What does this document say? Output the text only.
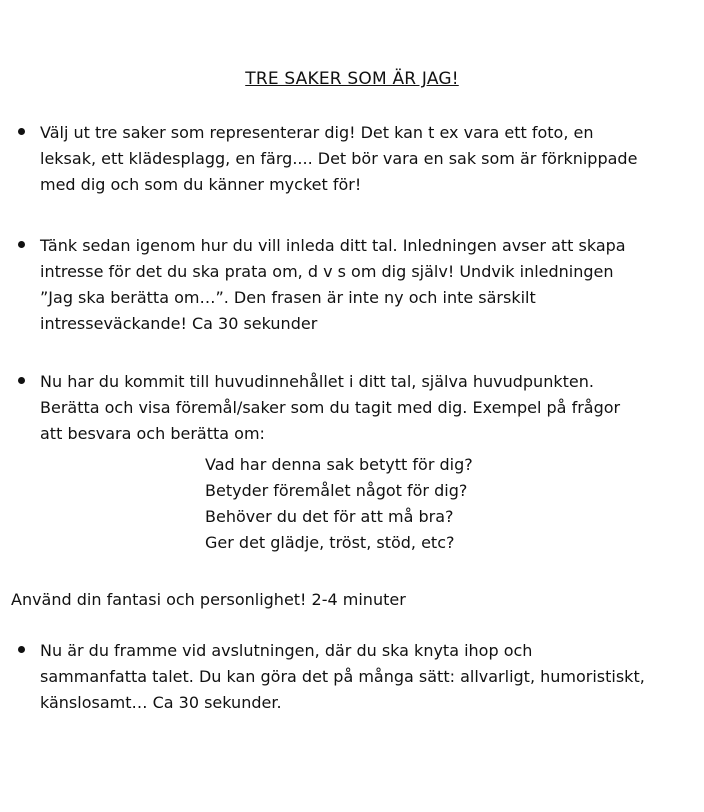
TRE SAKER SOM ÄR JAG!
Välj ut tre saker som representerar dig! Det kan t ex vara ett foto, en
leksak, ett klädesplagg, en färg.... Det bör vara en sak som är förknippade
med dig och som du känner mycket för!
Tänk sedan igenom hur du vill inleda ditt tal. Inledningen avser att skapa
intresse för det du ska prata om, d v s om dig själv! Undvik inledningen
”Jag ska berätta om…”. Den frasen är inte ny och inte särskilt
intresseväckande! Ca 30 sekunder
Nu har du kommit till huvudinnehållet i ditt tal, själva huvudpunkten.
Berätta och visa föremål/saker som du tagit med dig. Exempel på frågor
att besvara och berätta om:
Vad har denna sak betytt för dig?
Betyder föremålet något för dig?
Behöver du det för att må bra?
Ger det glädje, tröst, stöd, etc?
Använd din fantasi och personlighet! 2-4 minuter
Nu är du framme vid avslutningen, där du ska knyta ihop och
sammanfatta talet. Du kan göra det på många sätt: allvarligt, humoristiskt,
känslosamt… Ca 30 sekunder.
